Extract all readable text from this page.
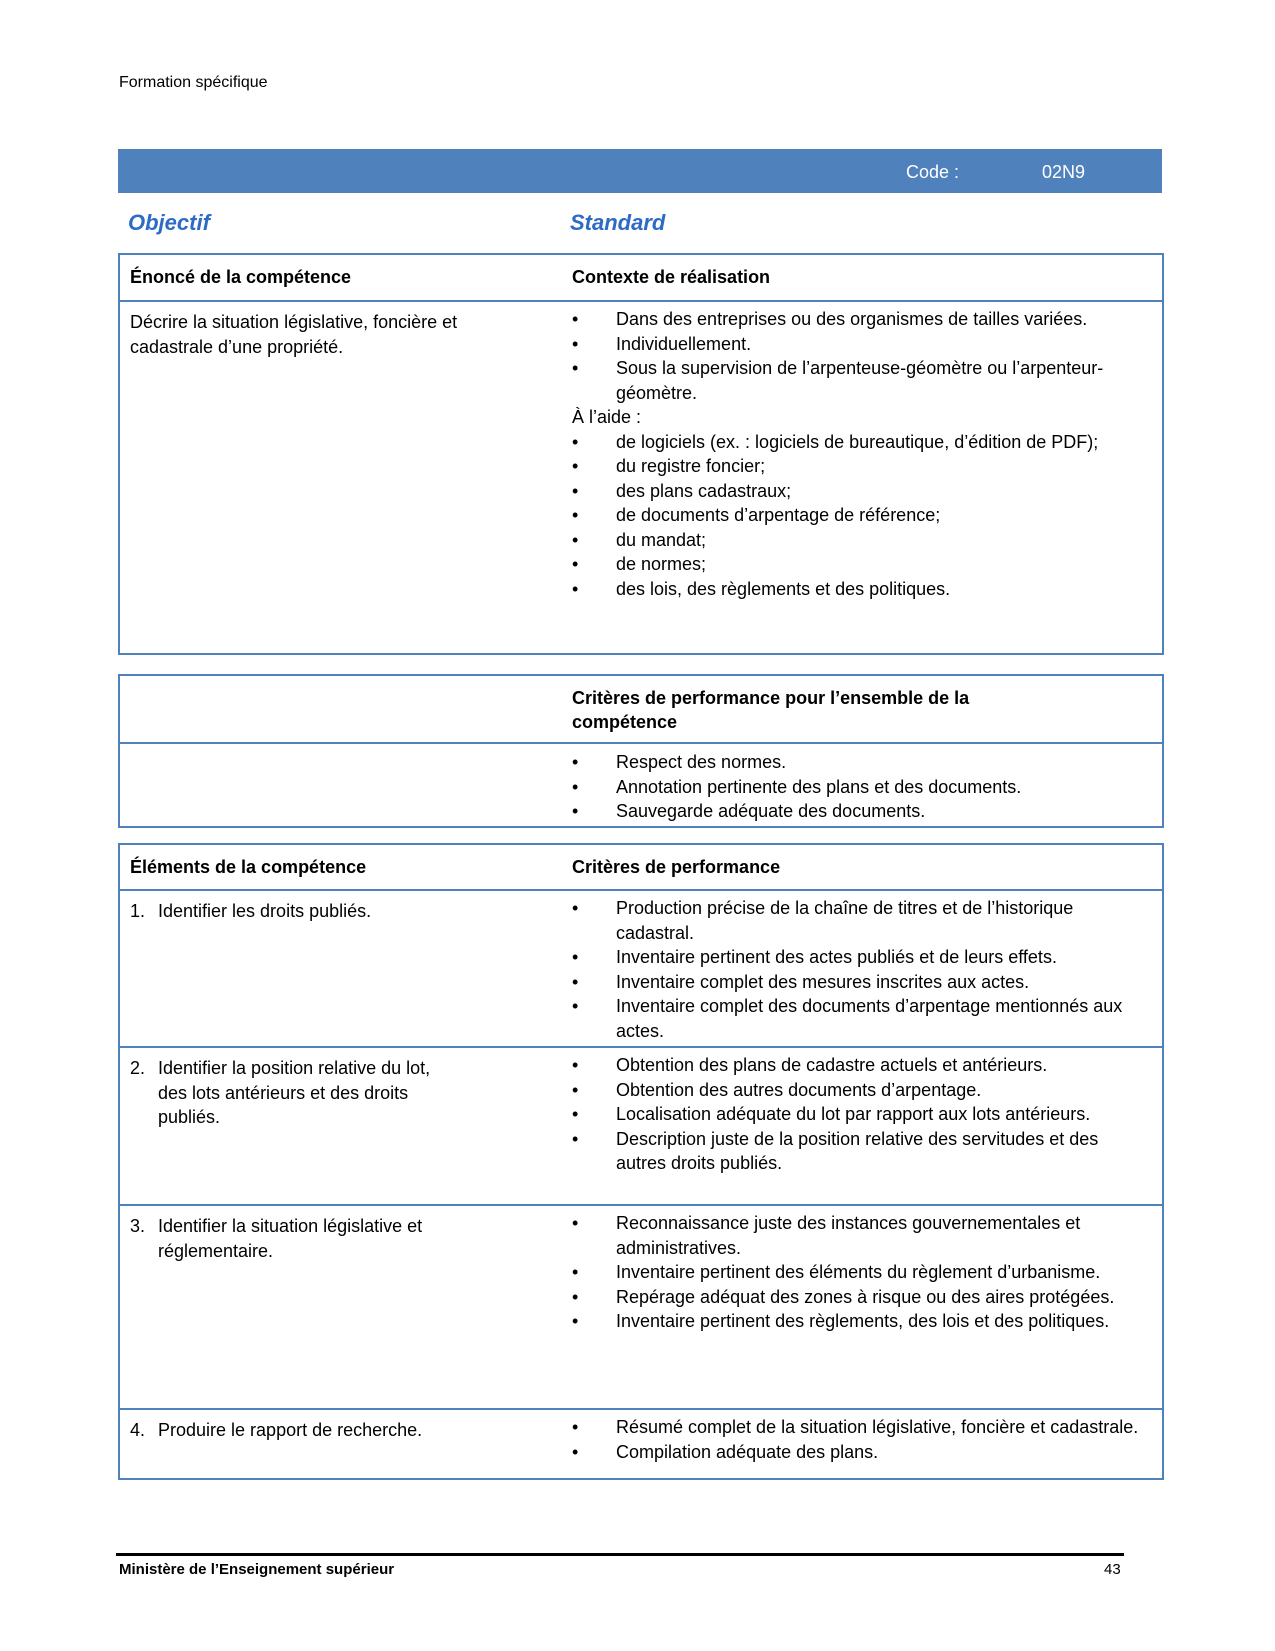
Formation spécifique
Code :	02N9
Objectif	Standard
Énoncé de la compétence	Contexte de réalisation
Décrire la situation législative, foncière et cadastrale d’une propriété.
• Dans des entreprises ou des organismes de tailles variées.
• Individuellement.
• Sous la supervision de l’arpenteuse-géomètre ou l’arpenteur-géomètre.
À l’aide :
• de logiciels (ex. : logiciels de bureautique, d’édition de PDF);
• du registre foncier;
• des plans cadastraux;
• de documents d’arpentage de référence;
• du mandat;
• de normes;
• des lois, des règlements et des politiques.
Critères de performance pour l’ensemble de la compétence
• Respect des normes.
• Annotation pertinente des plans et des documents.
• Sauvegarde adéquate des documents.
Éléments de la compétence	Critères de performance
1. Identifier les droits publiés.	• Production précise de la chaîne de titres et de l’historique cadastral.
• Inventaire pertinent des actes publiés et de leurs effets.
• Inventaire complet des mesures inscrites aux actes.
• Inventaire complet des documents d’arpentage mentionnés aux actes.
2. Identifier la position relative du lot, des lots antérieurs et des droits publiés.
• Obtention des plans de cadastre actuels et antérieurs.
• Obtention des autres documents d’arpentage.
• Localisation adéquate du lot par rapport aux lots antérieurs.
• Description juste de la position relative des servitudes et des autres droits publiés.
3. Identifier la situation législative et réglementaire.
• Reconnaissance juste des instances gouvernementales et administratives.
• Inventaire pertinent des éléments du règlement d’urbanisme.
• Repérage adéquat des zones à risque ou des aires protégées.
• Inventaire pertinent des règlements, des lois et des politiques.
4. Produire le rapport de recherche.	• Résumé complet de la situation législative, foncière et cadastrale.
• Compilation adéquate des plans.
Ministère de l’Enseignement supérieur	43
